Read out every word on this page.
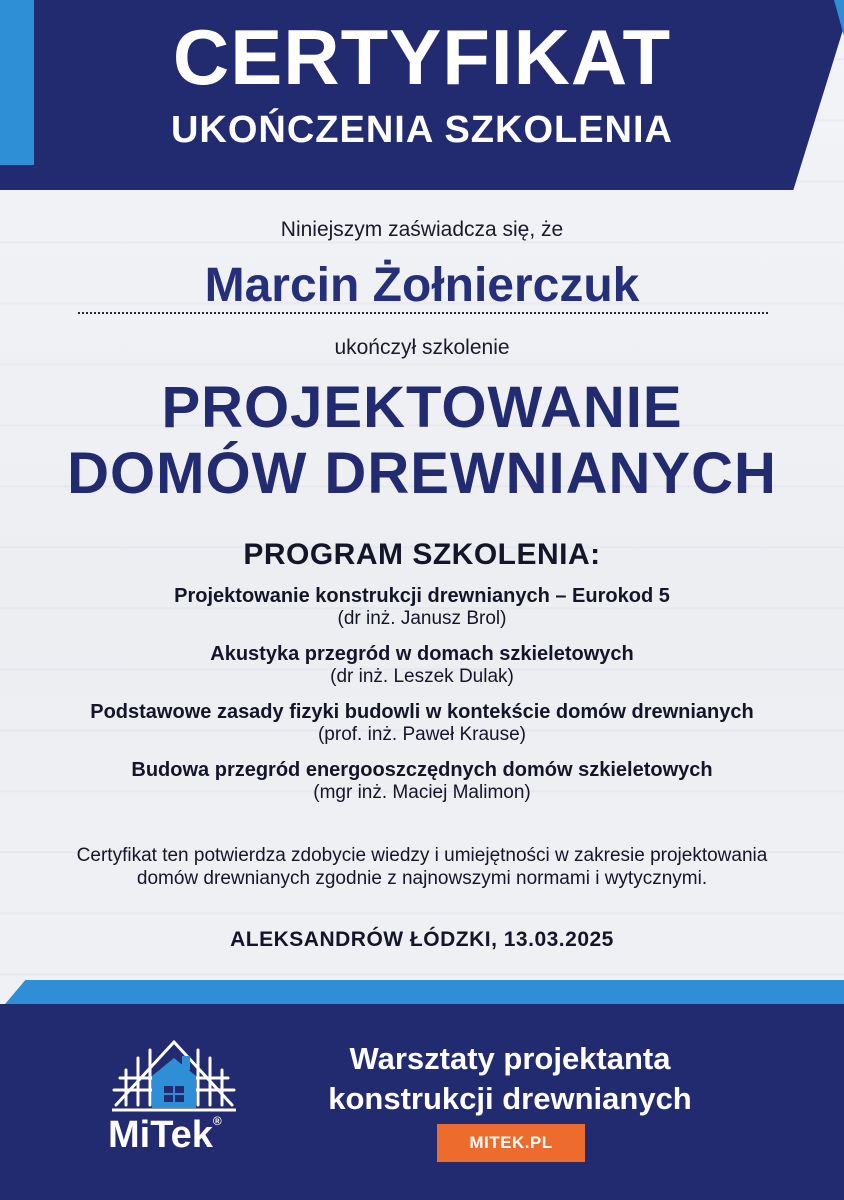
CERTYFIKAT
UKOŃCZENIA SZKOLENIA
Niniejszym zaświadcza się, że
Marcin Żołnierczuk
ukończył szkolenie
PROJEKTOWANIE
DOMÓW DREWNIANYCH
PROGRAM SZKOLENIA:
Projektowanie konstrukcji drewnianych – Eurokod 5
(dr inż. Janusz Brol)
Akustyka przegród w domach szkieletowych
(dr inż. Leszek Dulak)
Podstawowe zasady fizyki budowli w kontekście domów drewnianych
(prof. inż. Paweł Krause)
Budowa przegród energooszczędnych domów szkieletowych
(mgr inż. Maciej Malimon)
Certyfikat ten potwierdza zdobycie wiedzy i umiejętności w zakresie projektowania
domów drewnianych zgodnie z najnowszymi normami i wytycznymi.
ALEKSANDRÓW ŁÓDZKI, 13.03.2025
MiTek®
Warsztaty projektanta
konstrukcji drewnianych
MITEK.PL
